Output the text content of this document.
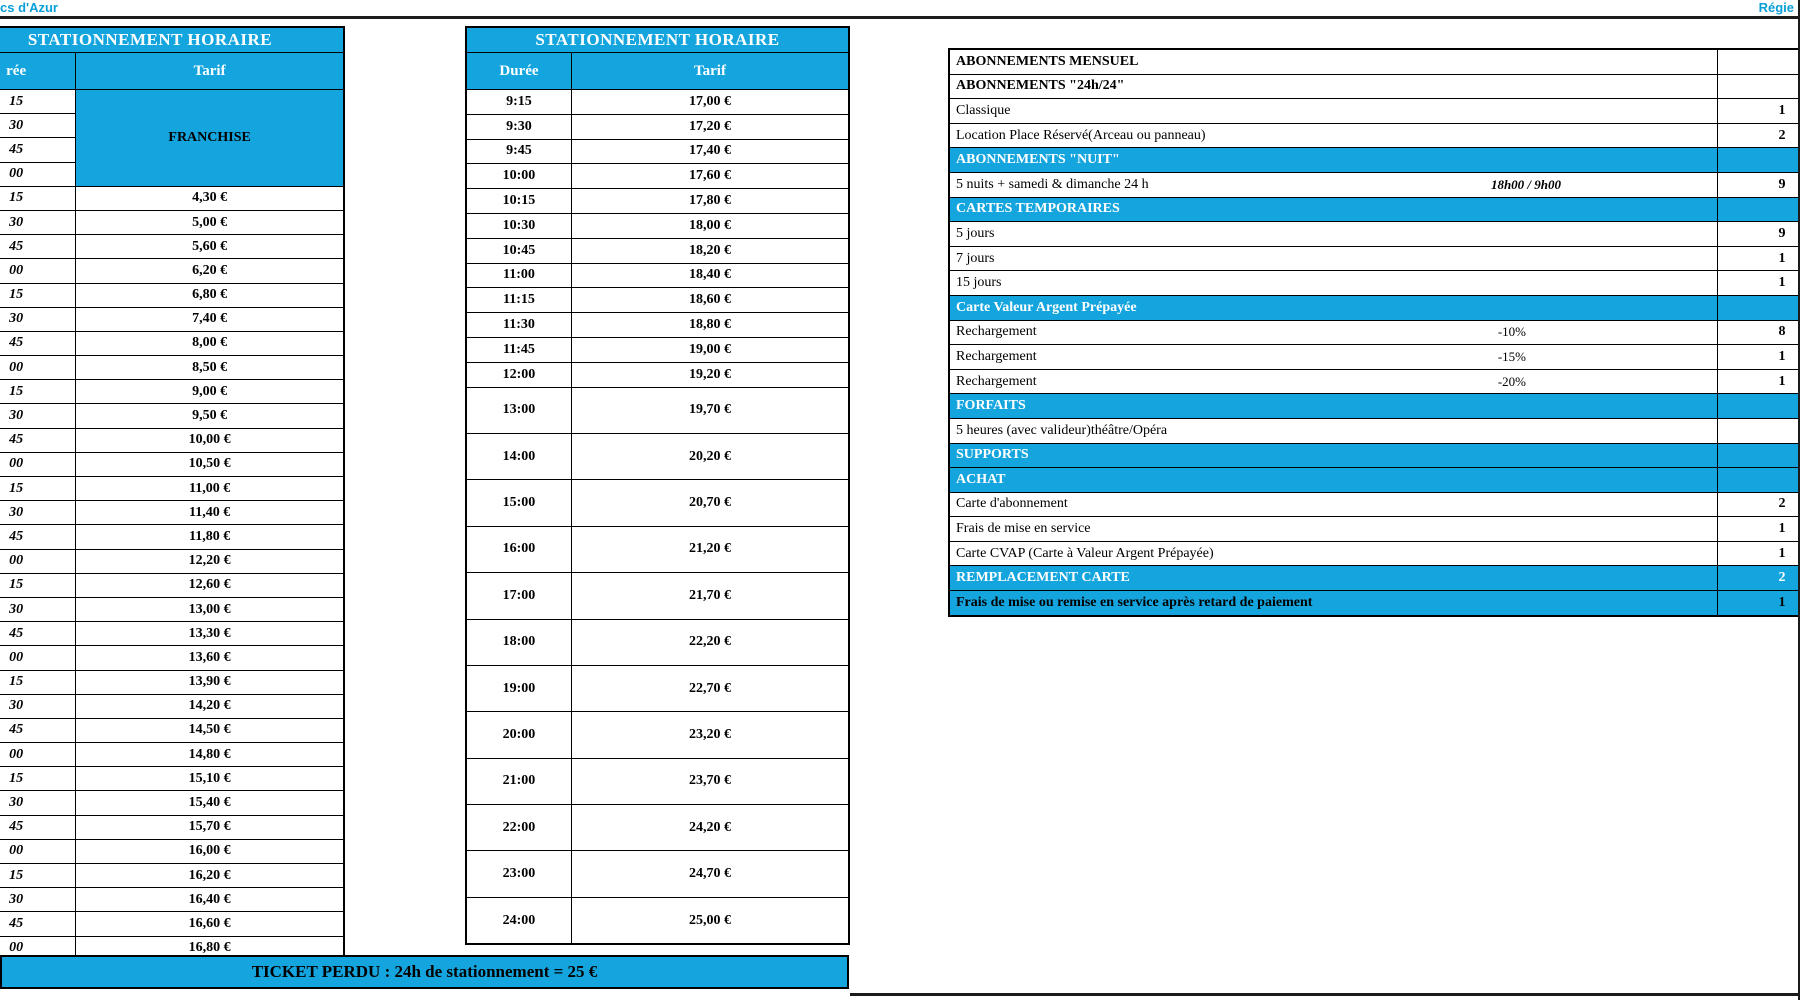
cs d'Azur	Régie
STATIONNEMENT HORAIRE	
rée	Tarif
15	FRANCHISE
30	
45	
00	
15	4,30 €
30	5,00 €
45	5,60 €
00	6,20 €
15	6,80 €
30	7,40 €
45	8,00 €
00	8,50 €
15	9,00 €
30	9,50 €
45	10,00 €
00	10,50 €
15	11,00 €
30	11,40 €
45	11,80 €
00	12,20 €
15	12,60 €
30	13,00 €
45	13,30 €
00	13,60 €
15	13,90 €
30	14,20 €
45	14,50 €
00	14,80 €
15	15,10 €
30	15,40 €
45	15,70 €
00	16,00 €
15	16,20 €
30	16,40 €
45	16,60 €
00	16,80 €
STATIONNEMENT HORAIRE	
Durée	Tarif
9:15	17,00 €
9:30	17,20 €
9:45	17,40 €
10:00	17,60 €
10:15	17,80 €
10:30	18,00 €
10:45	18,20 €
11:00	18,40 €
11:15	18,60 €
11:30	18,80 €
11:45	19,00 €
12:00	19,20 €
13:00	19,70 €
14:00	20,20 €
15:00	20,70 €
16:00	21,20 €
17:00	21,70 €
18:00	22,20 €
19:00	22,70 €
20:00	23,20 €
21:00	23,70 €
22:00	24,20 €
23:00	24,70 €
24:00	25,00 €
TICKET PERDU : 24h de stationnement = 25 €
ABONNEMENTS MENSUEL	
ABONNEMENTS "24h/24"	
Classique	1
Location Place Réservé(Arceau ou panneau)	2
ABONNEMENTS "NUIT"	
5 nuits + samedi & dimanche 24 h 18h00 / 9h00	9
CARTES TEMPORAIRES	
5 jours	9
7 jours	1
15 jours	1
Carte Valeur Argent Prépayée	
Rechargement -10%	8
Rechargement -15%	1
Rechargement -20%	1
FORFAITS	
5 heures (avec valideur)théâtre/Opéra	
SUPPORTS	
ACHAT	
Carte d'abonnement	2
Frais de mise en service	1
Carte CVAP (Carte à Valeur Argent Prépayée)	1
REMPLACEMENT CARTE	2
Frais de mise ou remise en service après retard de paiement	1
